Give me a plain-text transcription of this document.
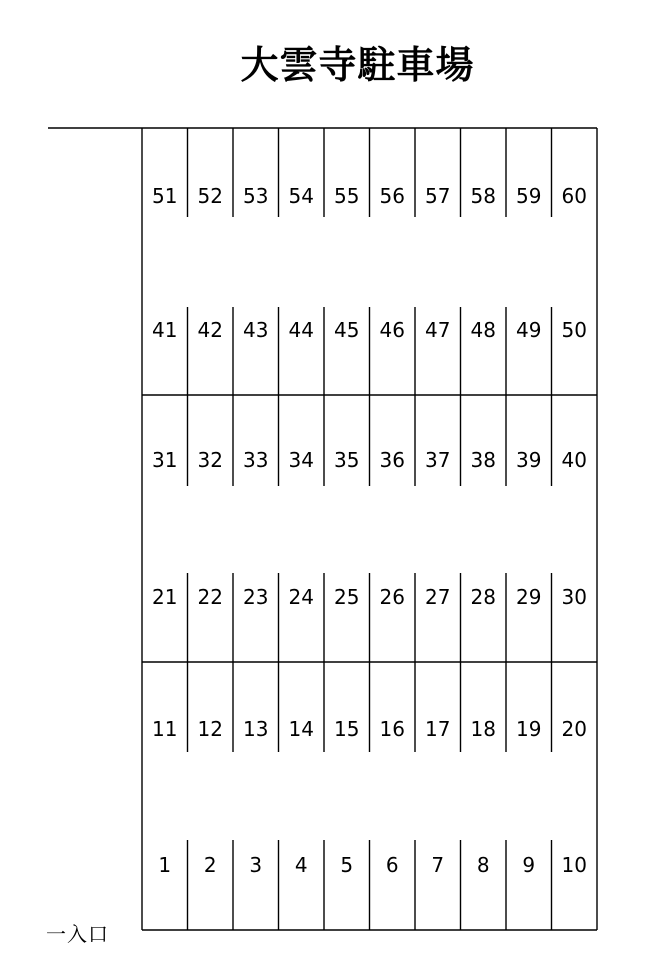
大雲寺駐車場
51 52 53 54 55 56 57 58 59 60
41 42 43 44 45 46 47 48 49 50
31 32 33 34 35 36 37 38 39 40
21 22 23 24 25 26 27 28 29 30
11 12 13 14 15 16 17 18 19 20
1 2 3 4 5 6 7 8 9 10
一入口
